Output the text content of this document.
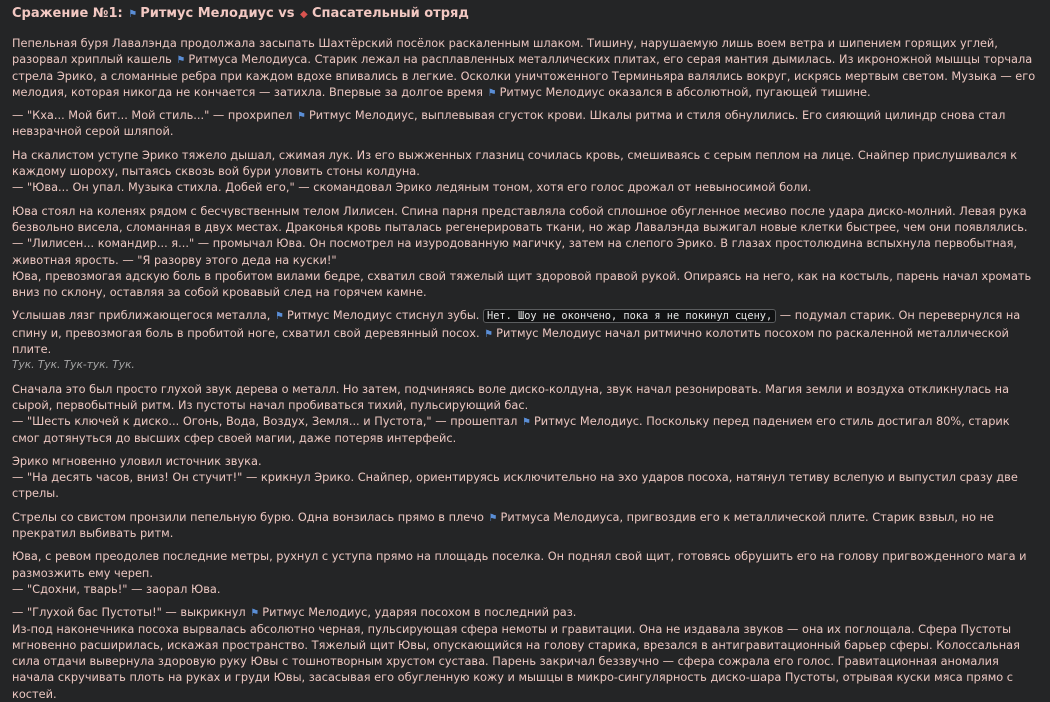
Сражение №1: ⚑ Ритмус Мелодиус vs ◆ Спасательный отряд
Пепельная буря Лавалэнда продолжала засыпать Шахтёрский посёлок раскаленным шлаком. Тишину, нарушаемую лишь воем ветра и шипением горящих углей, разорвал хриплый кашель ⚑ Ритмуса Мелодиуса. Старик лежал на расплавленных металлических плитах, его серая мантия дымилась. Из икроножной мышцы торчала стрела Эрико, а сломанные ребра при каждом вдохе впивались в легкие. Осколки уничтоженного Терминьяра валялись вокруг, искрясь мертвым светом. Музыка — его мелодия, которая никогда не кончается — затихла. Впервые за долгое время ⚑ Ритмус Мелодиус оказался в абсолютной, пугающей тишине.
— "Кха... Мой бит... Мой стиль..." — прохрипел ⚑ Ритмус Мелодиус, выплевывая сгусток крови. Шкалы ритма и стиля обнулились. Его сияющий цилиндр снова стал невзрачной серой шляпой.
На скалистом уступе Эрико тяжело дышал, сжимая лук. Из его выжженных глазниц сочилась кровь, смешиваясь с серым пеплом на лице. Снайпер прислушивался к каждому шороху, пытаясь сквозь вой бури уловить стоны колдуна.
— "Юва... Он упал. Музыка стихла. Добей его," — скомандовал Эрико ледяным тоном, хотя его голос дрожал от невыносимой боли.
Юва стоял на коленях рядом с бесчувственным телом Лилисен. Спина парня представляла собой сплошное обугленное месиво после удара диско-молний. Левая рука безвольно висела, сломанная в двух местах. Драконья кровь пыталась регенерировать ткани, но жар Лавалэнда выжигал новые клетки быстрее, чем они появлялись.
— "Лилисен... командир... я..." — промычал Юва. Он посмотрел на изуродованную магичку, затем на слепого Эрико. В глазах простолюдина вспыхнула первобытная, животная ярость. — "Я разорву этого деда на куски!"
Юва, превозмогая адскую боль в пробитом вилами бедре, схватил свой тяжелый щит здоровой правой рукой. Опираясь на него, как на костыль, парень начал хромать вниз по склону, оставляя за собой кровавый след на горячем камне.
Услышав лязг приближающегося металла, ⚑ Ритмус Мелодиус стиснул зубы. Нет. Шоу не окончено, пока я не покинул сцену, — подумал старик. Он перевернулся на спину и, превозмогая боль в пробитой ноге, схватил свой деревянный посох. ⚑ Ритмус Мелодиус начал ритмично колотить посохом по раскаленной металлической плите.
Тук. Тук. Тук-тук. Тук.
Сначала это был просто глухой звук дерева о металл. Но затем, подчиняясь воле диско-колдуна, звук начал резонировать. Магия земли и воздуха откликнулась на сырой, первобытный ритм. Из пустоты начал пробиваться тихий, пульсирующий бас.
— "Шесть ключей к диско... Огонь, Вода, Воздух, Земля... и Пустота," — прошептал ⚑ Ритмус Мелодиус. Поскольку перед падением его стиль достигал 80%, старик смог дотянуться до высших сфер своей магии, даже потеряв интерфейс.
Эрико мгновенно уловил источник звука.
— "На десять часов, вниз! Он стучит!" — крикнул Эрико. Снайпер, ориентируясь исключительно на эхо ударов посоха, натянул тетиву вслепую и выпустил сразу две стрелы.
Стрелы со свистом пронзили пепельную бурю. Одна вонзилась прямо в плечо ⚑ Ритмуса Мелодиуса, пригвоздив его к металлической плите. Старик взвыл, но не прекратил выбивать ритм.
Юва, с ревом преодолев последние метры, рухнул с уступа прямо на площадь поселка. Он поднял свой щит, готовясь обрушить его на голову пригвожденного мага и размозжить ему череп.
— "Сдохни, тварь!" — заорал Юва.
— "Глухой бас Пустоты!" — выкрикнул ⚑ Ритмус Мелодиус, ударяя посохом в последний раз.
Из-под наконечника посоха вырвалась абсолютно черная, пульсирующая сфера немоты и гравитации. Она не издавала звуков — она их поглощала. Сфера Пустоты мгновенно расширилась, искажая пространство. Тяжелый щит Ювы, опускающийся на голову старика, врезался в антигравитационный барьер сферы. Колоссальная сила отдачи вывернула здоровую руку Ювы с тошнотворным хрустом сустава. Парень закричал беззвучно — сфера сожрала его голос. Гравитационная аномалия начала скручивать плоть на руках и груди Ювы, засасывая его обугленную кожу и мышцы в микро-сингулярность диско-шара Пустоты, отрывая куски мяса прямо с костей.
